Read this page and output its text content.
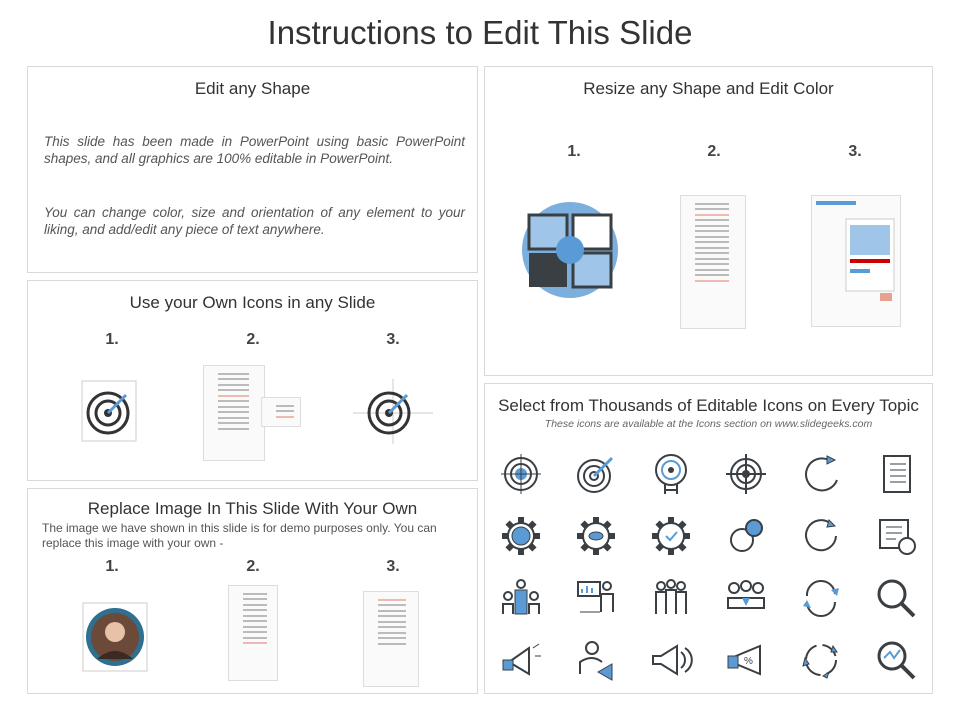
Instructions to Edit This Slide
Edit any Shape
This slide has been made in PowerPoint using basic PowerPoint shapes, and all graphics are 100% editable in PowerPoint.
You can change color, size and orientation of any element to your liking, and add/edit any piece of text anywhere.
Use your Own Icons in any Slide
1.	2.	3.
Replace Image In This Slide With Your Own
The image we have shown in this slide is for demo purposes only. You can replace this image with your own -
1.	2.	3.
Resize any Shape and Edit Color
1.	2.	3.
Select from Thousands of Editable Icons on Every Topic
These icons are available at the Icons section on www.slidegeeks.com
%
